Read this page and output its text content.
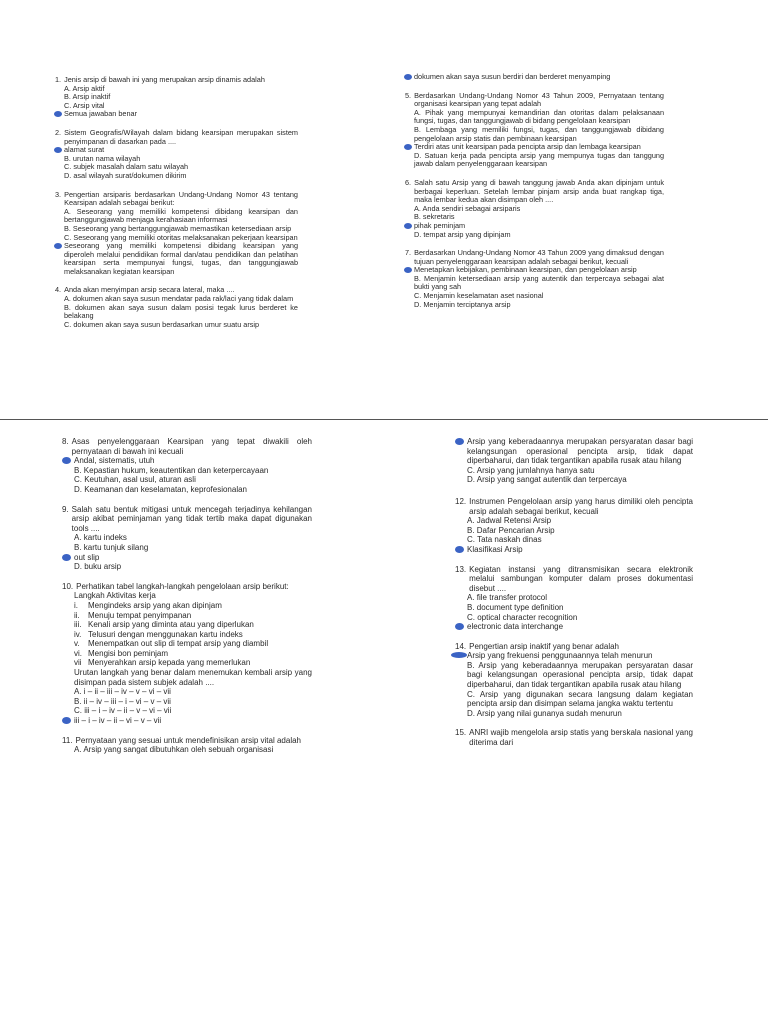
1. Jenis arsip di bawah ini yang merupakan arsip dinamis adalah
A. Arsip aktif
B. Arsip inaktif
C. Arsip vital
Semua jawaban benar
2. Sistem Geografis/Wilayah dalam bidang kearsipan merupakan sistem penyimpanan di dasarkan pada ....
alamat surat
B. urutan nama wilayah
C. subjek masalah dalam satu wilayah
D. asal wilayah surat/dokumen dikirim
3. Pengertian arsiparis berdasarkan Undang-Undang Nomor 43 tentang Kearsipan adalah sebagai berikut:
A. Seseorang yang memiliki kompetensi dibidang kearsipan dan bertanggungjawab menjaga kerahasiaan informasi
B. Seseorang yang bertanggungjawab memastikan ketersediaan arsip
C. Seseorang yang memiliki otoritas melaksanakan pekerjaan kearsipan
Seseorang yang memiliki kompetensi dibidang kearsipan yang diperoleh melalui pendidikan formal dan/atau pendidikan dan pelatihan kearsipan serta mempunyai fungsi, tugas, dan tanggungjawab melaksanakan kegiatan kearsipan
4. Anda akan menyimpan arsip secara lateral, maka ....
A. dokumen akan saya susun mendatar pada rak/laci yang tidak dalam
B. dokumen akan saya susun dalam posisi tegak lurus berderet ke belakang
C. dokumen akan saya susun berdasarkan umur suatu arsip
dokumen akan saya susun berdiri dan berderet menyamping
5. Berdasarkan Undang-Undang Nomor 43 Tahun 2009, Pernyataan tentang organisasi kearsipan yang tepat adalah
A. Pihak yang mempunyai kemandirian dan otoritas dalam pelaksanaan fungsi, tugas, dan tanggungjawab di bidang pengelolaan kearsipan
B. Lembaga yang memiliki fungsi, tugas, dan tanggungjawab dibidang pengelolaan arsip statis dan pembinaan kearsipan
Terdiri atas unit kearsipan pada pencipta arsip dan lembaga kearsipan
D. Satuan kerja pada pencipta arsip yang mempunya tugas dan tanggung jawab dalam penyelenggaraan kearsipan
6. Salah satu Arsip yang di bawah tanggung jawab Anda akan dipinjam untuk berbagai keperluan. Setelah lembar pinjam arsip anda buat rangkap tiga, maka lembar kedua akan disimpan oleh ....
A. Anda sendiri sebagai arsiparis
B. sekretaris
pihak peminjam
D. tempat arsip yang dipinjam
7. Berdasarkan Undang-Undang Nomor 43 Tahun 2009 yang dimaksud dengan tujuan penyelenggaraan kearsipan adalah sebagai berikut, kecuali
Menetapkan kebijakan, pembinaan kearsipan, dan pengelolaan arsip
B. Menjamin ketersediaan arsip yang autentik dan terpercaya sebagai alat bukti yang sah
C. Menjamin keselamatan aset nasional
D. Menjamin terciptanya arsip
8. Asas penyelenggaraan Kearsipan yang tepat diwakili oleh pernyataan di bawah ini kecuali
Andal, sistematis, utuh
B. Kepastian hukum, keautentikan dan keterpercayaan
C. Keutuhan, asal usul, aturan asli
D. Keamanan dan keselamatan, keprofesionalan
9. Salah satu bentuk mitigasi untuk mencegah terjadinya kehilangan arsip akibat peminjaman yang tidak tertib maka dapat digunakan tools ....
A. kartu indeks
B. kartu tunjuk silang
out slip
D. buku arsip
10. Perhatikan tabel langkah-langkah pengelolaan arsip berikut:
Langkah Aktivitas kerja
i.	Mengindeks arsip yang akan dipinjam
ii.	Menuju tempat penyimpanan
iii. Kenali arsip yang diminta atau yang diperlukan
iv. Telusuri dengan menggunakan kartu indeks
v.	Menempatkan out slip di tempat arsip yang diambil
vi. Mengisi bon peminjam
vii Menyerahkan arsip kepada yang memerlukan
Urutan langkah yang benar dalam menemukan kembali arsip yang disimpan pada sistem subjek adalah ....
A. i – ii – iii – iv – v – vi – vii
B. ii – iv – iii – i – vi – v – vii
C. iii – i – iv – ii – v – vi – vii
iii – i – iv – ii – vi – v – vii
11. Pernyataan yang sesuai untuk mendefinisikan arsip vital adalah
A. Arsip yang sangat dibutuhkan oleh sebuah organisasi
Arsip yang keberadaannya merupakan persyaratan dasar bagi kelangsungan operasional pencipta arsip, tidak dapat diperbaharui, dan tidak tergantikan apabila rusak atau hilang
C. Arsip yang jumlahnya hanya satu
D. Arsip yang sangat autentik dan terpercaya
12. Instrumen Pengelolaan arsip yang harus dimiliki oleh pencipta arsip adalah sebagai berikut, kecuali
A. Jadwal Retensi Arsip
B. Dafar Pencarian Arsip
C. Tata naskah dinas
Klasifikasi Arsip
13. Kegiatan instansi yang ditransmisikan secara elektronik melalui sambungan komputer dalam proses dokumentasi disebut ....
A. file transfer protocol
B. document type definition
C. optical character recognition
electronic data interchange
14. Pengertian arsip inaktif yang benar adalah
Arsip yang frekuensi penggunaannya telah menurun
B. Arsip yang keberadaannya merupakan persyaratan dasar bagi kelangsungan operasional pencipta arsip, tidak dapat diperbaharui, dan tidak tergantikan apabila rusak atau hilang
C. Arsip yang digunakan secara langsung dalam kegiatan pencipta arsip dan disimpan selama jangka waktu tertentu
D. Arsip yang nilai gunanya sudah menurun
15. ANRI wajib mengelola arsip statis yang berskala nasional yang diterima dari
